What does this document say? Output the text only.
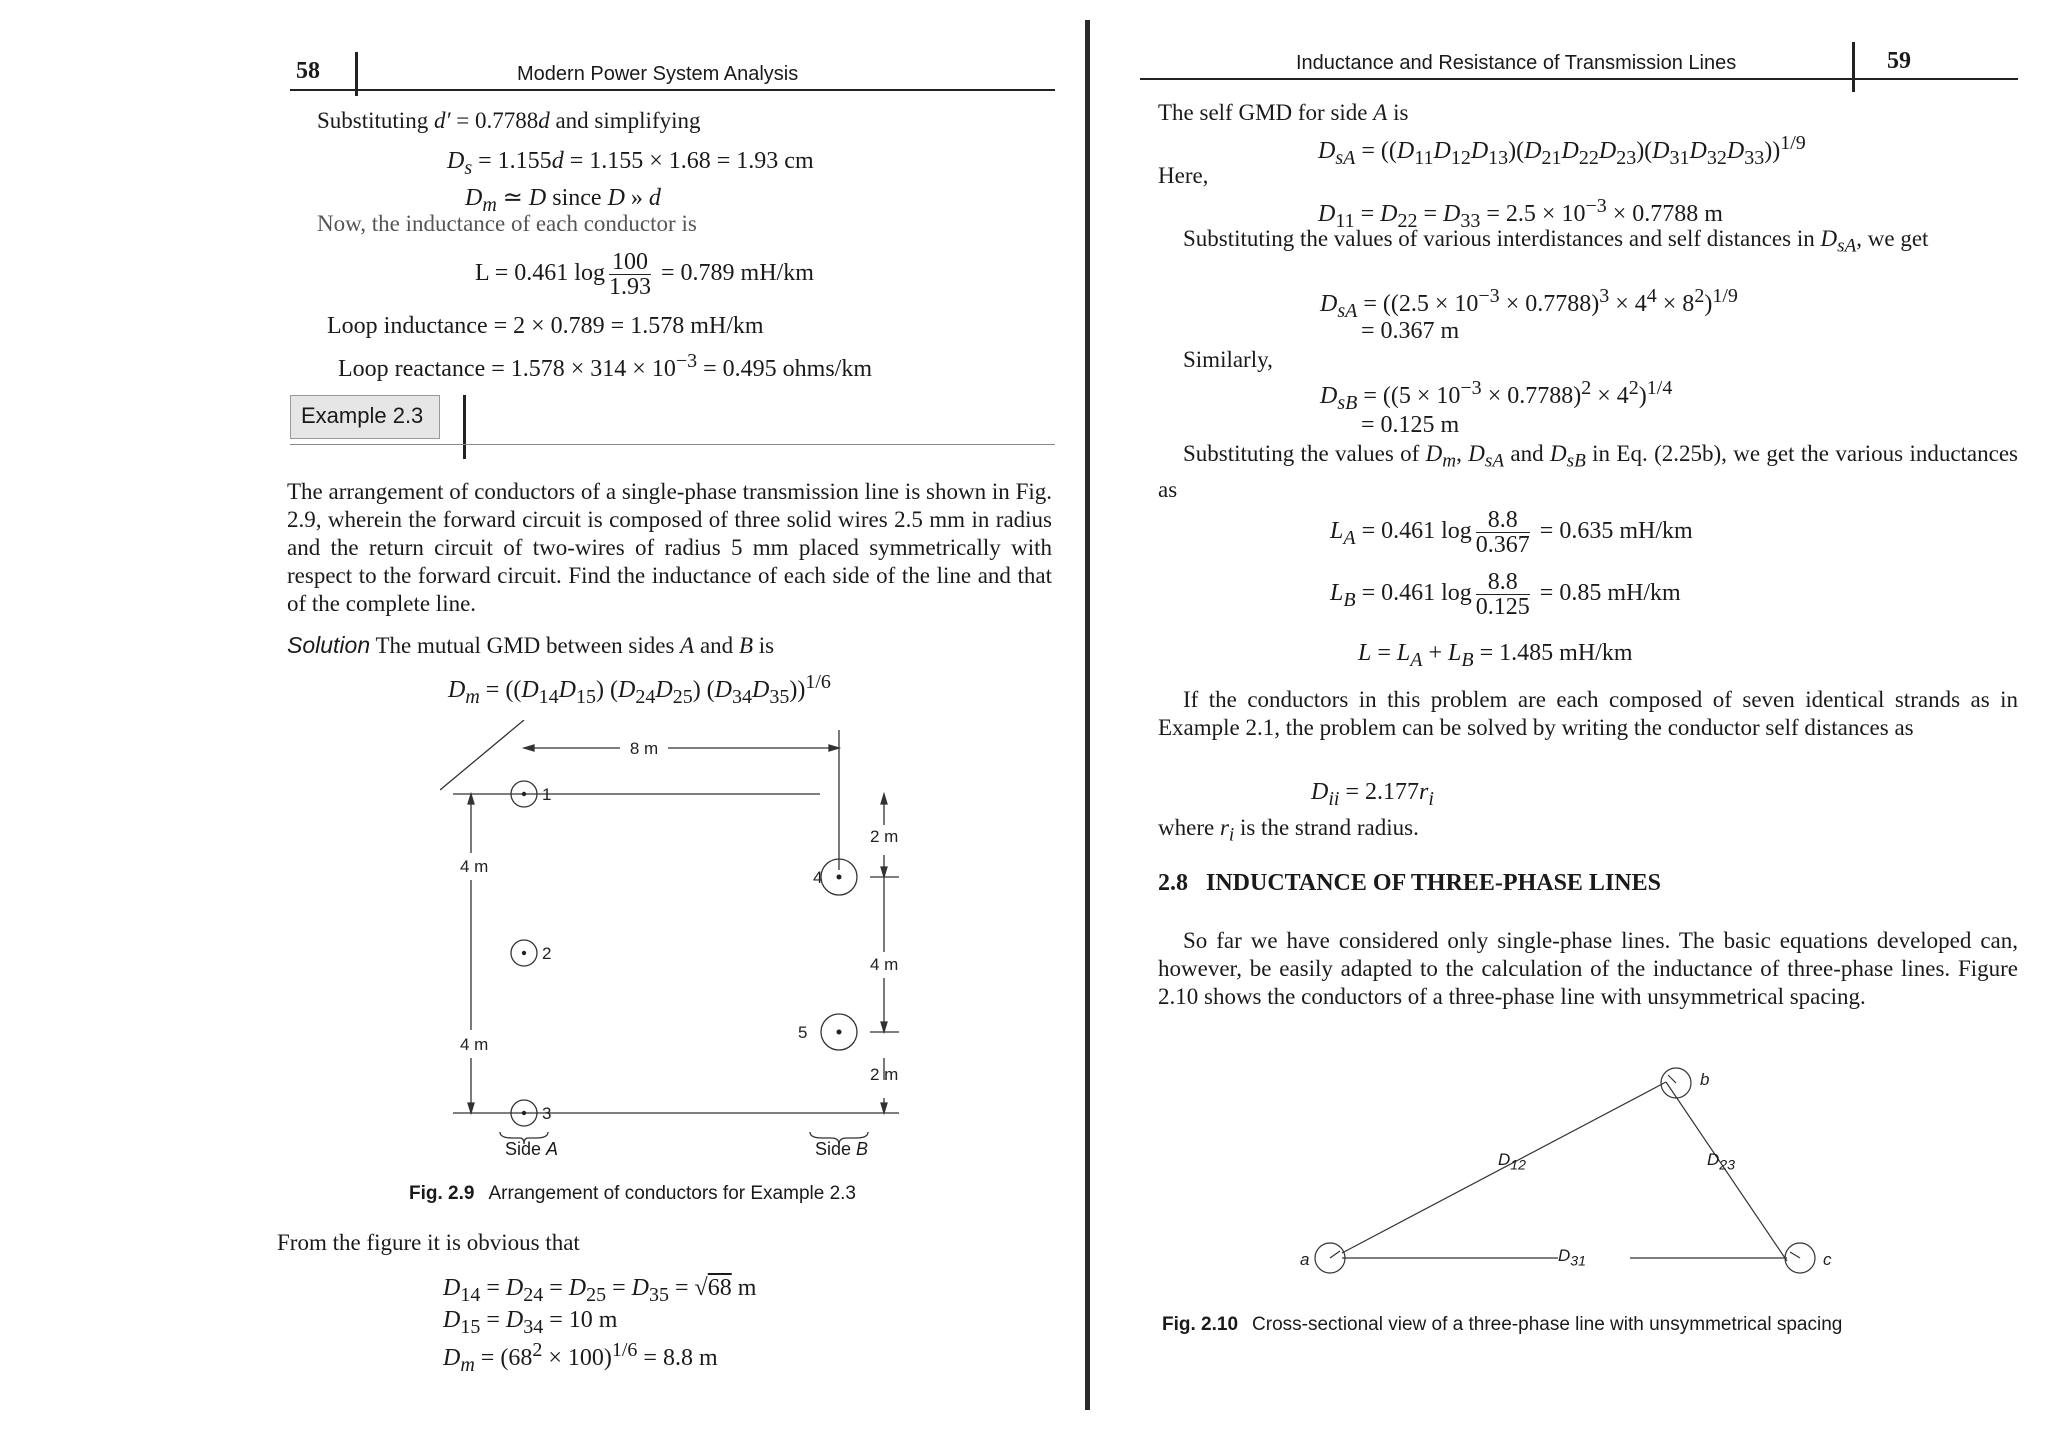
58	Modern Power System Analysis
Substituting d′ = 0.7788d and simplifying
$D_s = 1.155d = 1.155 \times 1.68 = 1.93$ cm
$D_m$ ≃ D since D » d
Now, the inductance of each conductor is
L = 0.461 $\log \frac{100}{1.93} = 0.789$ mH/km
Loop inductance = 2 × 0.789 = 1.578 mH/km
Loop reactance = $1.578 \times 314 \times 10^{-3} = 0.495$ ohms/km
Example 2.3
The arrangement of conductors of a single-phase transmission line is shown in Fig. 2.9, wherein the forward circuit is composed of three solid wires 2.5 mm in radius and the return circuit of two-wires of radius 5 mm placed symmetrically with respect to the forward circuit. Find the inductance of each side of the line and that of the complete line.
Solution The mutual GMD between sides A and B is
$D_m = ((D_{14}D_{15})$ $(D_{24}D_{25})$ $(D_{34}D_{35}))^{1/6}$
8 m
1
2
3
4
5
2 m
4 m
4 m
4 m
2 m
Side A	Side B
Fig. 2.9 Arrangement of conductors for Example 2.3
From the figure it is obvious that
$D_{14} = D_{24} = D_{25} = D_{35} = √68$ m
$D_{15} = D_{34} = 10$ m
$D_m = (68^2 \times 100)^{1/6} = 8.8$ m
Inductance and Resistance of Transmission Lines	59
The self GMD for side A is
$D_{sA} = ((D_{11}D_{12}D_{13})(D_{21}D_{22}D_{23})(D_{31}D_{32}D_{33}))^{1/9}$
Here,
$D_{11} = D_{22} = D_{33} = 2.5 \times 10^{-3} \times 0.7788$ m
Substituting the values of various interdistances and self distances in $D_{sA}$, we get
$D_{sA} = ((2.5 \times 10^{-3} \times 0.7788)^3 \times 4^4 \times 8^2)^{1/9}$
= 0.367 m
Similarly,
$D_{sB} = ((5 \times 10^{-3} \times 0.7788)^2 \times 4^2)^{1/4}$
= 0.125 m
Substituting the values of $D_m$, $D_{sA}$ and $D_{sB}$ in Eq. (2.25b), we get the various inductances as
$L_A = 0.461$ $\log \frac{8.8}{0.367} = 0.635$ mH/km
$L_B = 0.461$ $\log \frac{8.8}{0.125} = 0.85$ mH/km
$L = L_A + L_B = 1.485$ mH/km
If the conductors in this problem are each composed of seven identical strands as in Example 2.1, the problem can be solved by writing the conductor self distances as
$D_{ii} = 2.177r_i$
where $r_i$ is the strand radius.
2.8 INDUCTANCE OF THREE-PHASE LINES
So far we have considered only single-phase lines. The basic equations developed can, however, be easily adapted to the calculation of the inductance of three-phase lines. Figure 2.10 shows the conductors of a three-phase line with unsymmetrical spacing.
a
b
c
$D_{12}$	$D_{23}$
$D_{31}$
Fig. 2.10 Cross-sectional view of a three-phase line with unsymmetrical spacing
